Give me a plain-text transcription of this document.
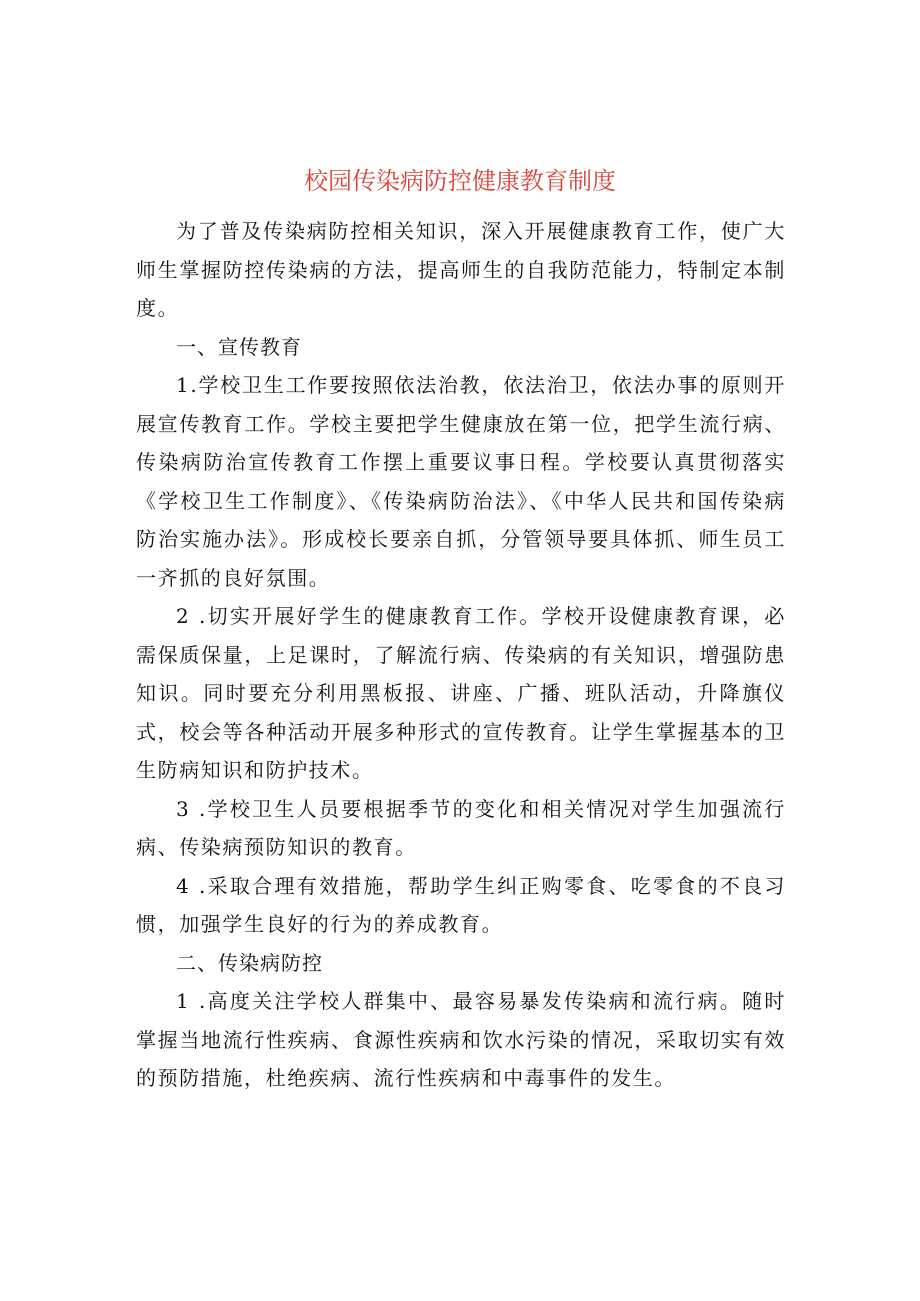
校园传染病防控健康教育制度

为了普及传染病防控相关知识，深入开展健康教育工作，使广大师生掌握防控传染病的方法，提高师生的自我防范能力，特制定本制度。

一、宣传教育

1.学校卫生工作要按照依法治教，依法治卫，依法办事的原则开展宣传教育工作。学校主要把学生健康放在第一位，把学生流行病、传染病防治宣传教育工作摆上重要议事日程。学校要认真贯彻落实《学校卫生工作制度》、《传染病防治法》、《中华人民共和国传染病防治实施办法》。形成校长要亲自抓，分管领导要具体抓、师生员工一齐抓的良好氛围。

2 .切实开展好学生的健康教育工作。学校开设健康教育课，必需保质保量，上足课时，了解流行病、传染病的有关知识，增强防患知识。同时要充分利用黑板报、讲座、广播、班队活动，升降旗仪式，校会等各种活动开展多种形式的宣传教育。让学生掌握基本的卫生防病知识和防护技术。

3 .学校卫生人员要根据季节的变化和相关情况对学生加强流行病、传染病预防知识的教育。

4 .采取合理有效措施，帮助学生纠正购零食、吃零食的不良习惯，加强学生良好的行为的养成教育。

二、传染病防控

1 .高度关注学校人群集中、最容易暴发传染病和流行病。随时掌握当地流行性疾病、食源性疾病和饮水污染的情况，采取切实有效的预防措施，杜绝疾病、流行性疾病和中毒事件的发生。
